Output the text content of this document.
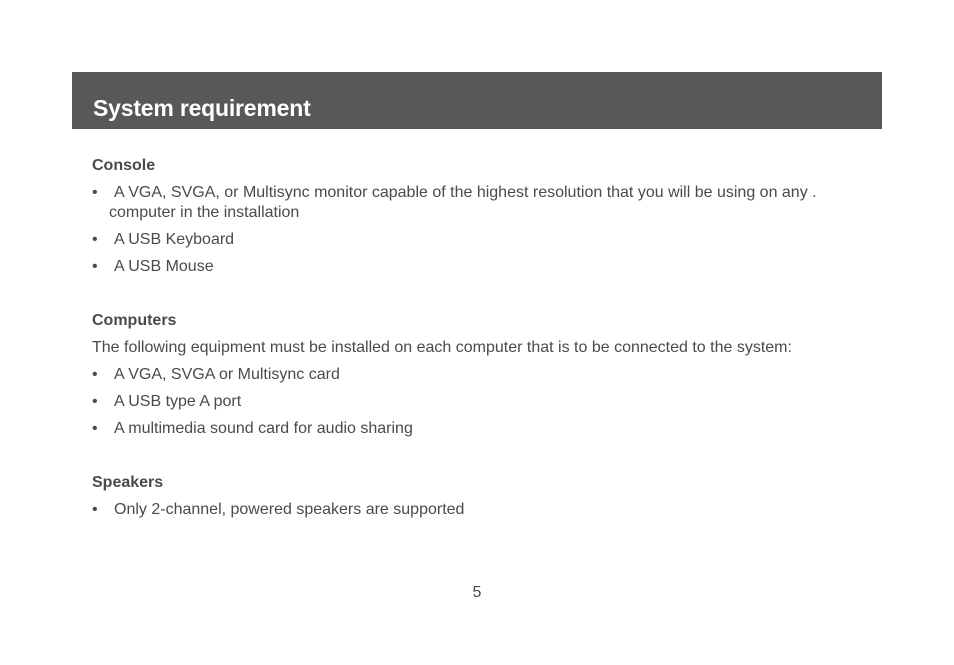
System requirement
Console
•	A VGA, SVGA, or Multisync monitor capable of the highest resolution that you will be using on any .
computer in the installation
•	A USB Keyboard
•	A USB Mouse
Computers

The following equipment must be installed on each computer that is to be connected to the system:

•	A VGA, SVGA or Multisync card
•	A USB type A port
•	A multimedia sound card for audio sharing
Speakers
•	Only 2-channel, powered speakers are supported
5
